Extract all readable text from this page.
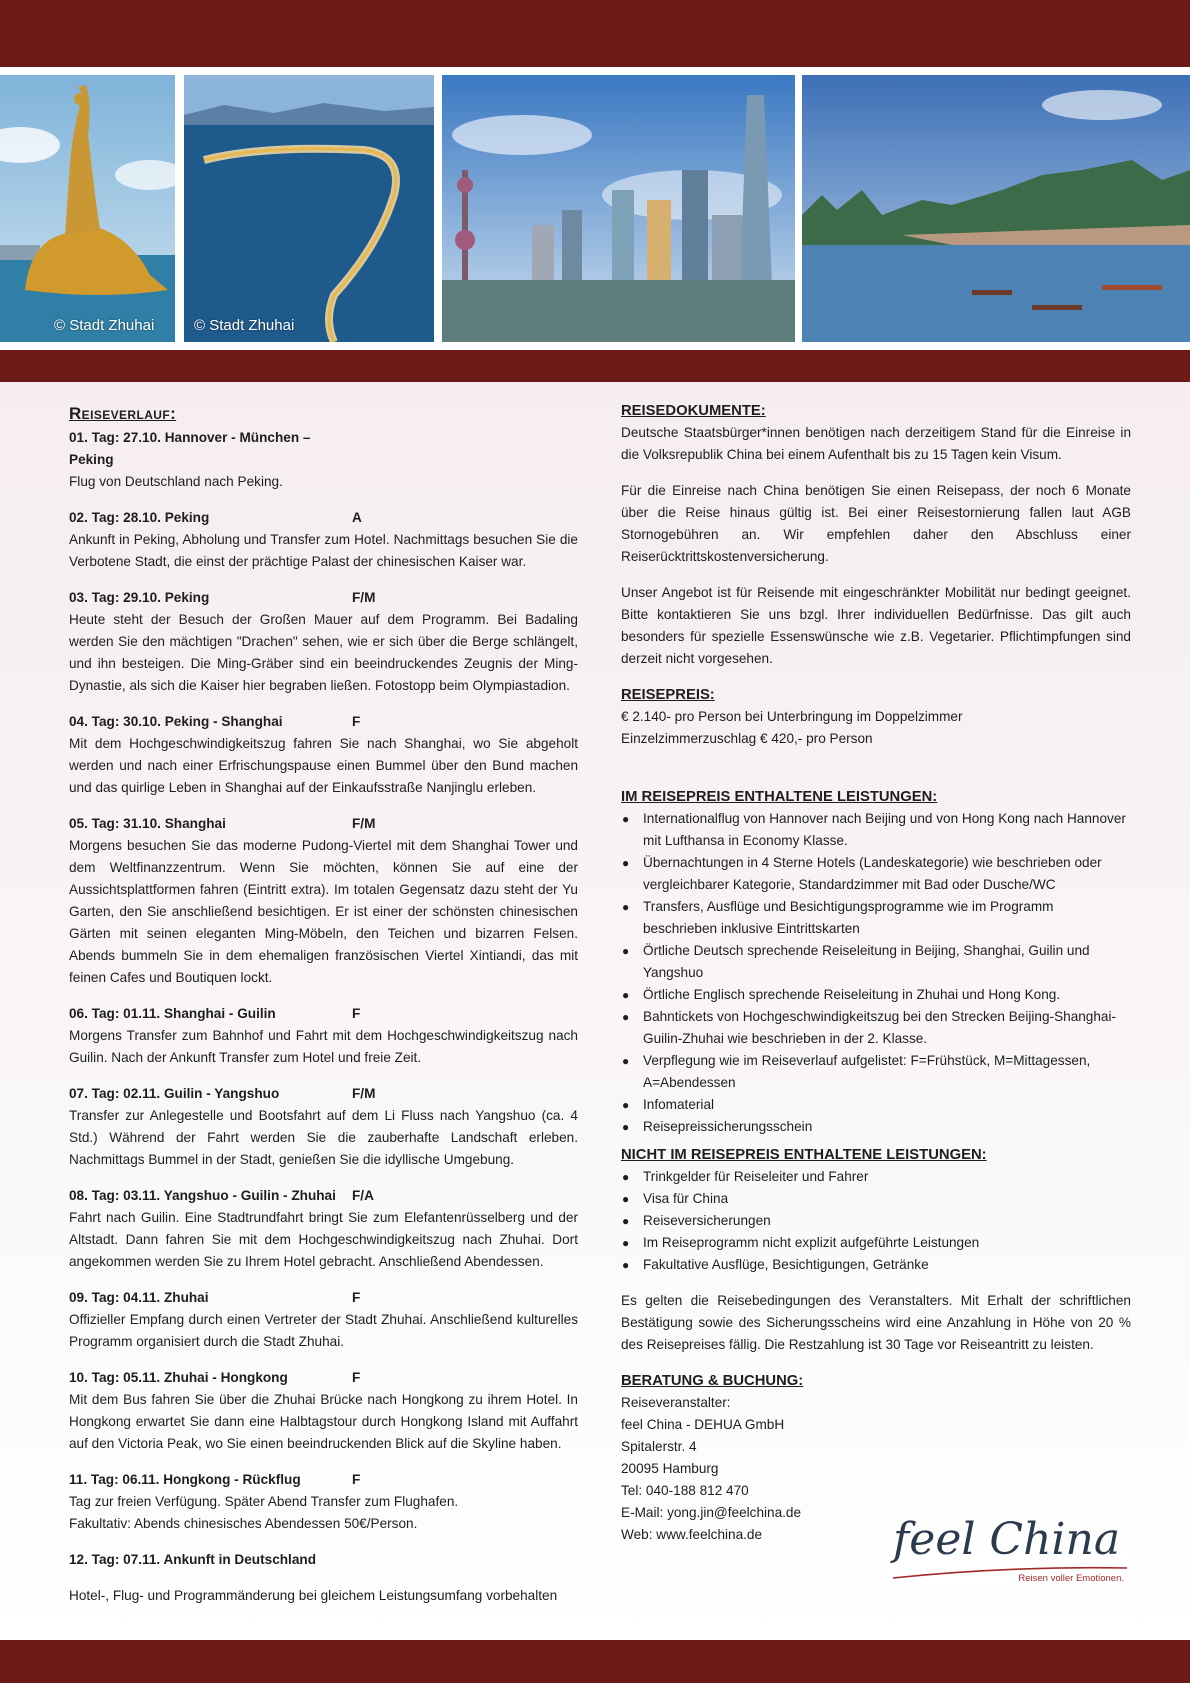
© Stadt Zhuhai	© Stadt Zhuhai
Reiseverlauf:
01. Tag: 27.10. Hannover - München – Peking

Flug von Deutschland nach Peking.

02. Tag: 28.10. Peking	A

Ankunft in Peking, Abholung und Transfer zum Hotel. Nachmittags besuchen Sie die Verbotene Stadt, die einst der prächtige Palast der chinesischen Kaiser war.

03. Tag: 29.10. Peking	F/M

Heute steht der Besuch der Großen Mauer auf dem Programm. Bei Badaling werden Sie den mächtigen "Drachen" sehen, wie er sich über die Berge schlängelt, und ihn besteigen. Die Ming-Gräber sind ein beeindruckendes Zeugnis der Ming-Dynastie, als sich die Kaiser hier begraben ließen. Fotostopp beim Olympiastadion.

04. Tag: 30.10. Peking - Shanghai	F

Mit dem Hochgeschwindigkeitszug fahren Sie nach Shanghai, wo Sie abgeholt werden und nach einer Erfrischungspause einen Bummel über den Bund machen und das quirlige Leben in Shanghai auf der Einkaufsstraße Nanjinglu erleben.

05. Tag: 31.10. Shanghai	F/M

Morgens besuchen Sie das moderne Pudong-Viertel mit dem Shanghai Tower und dem Weltfinanzzentrum. Wenn Sie möchten, können Sie auf eine der Aussichtsplattformen fahren (Eintritt extra). Im totalen Gegensatz dazu steht der Yu Garten, den Sie anschließend besichtigen. Er ist einer der schönsten chinesischen Gärten mit seinen eleganten Ming-Möbeln, den Teichen und bizarren Felsen. Abends bummeln Sie in dem ehemaligen französischen Viertel Xintiandi, das mit feinen Cafes und Boutiquen lockt.

06. Tag: 01.11. Shanghai - Guilin	F

Morgens Transfer zum Bahnhof und Fahrt mit dem Hochgeschwindigkeitszug nach Guilin. Nach der Ankunft Transfer zum Hotel und freie Zeit.

07. Tag: 02.11. Guilin - Yangshuo	F/M

Transfer zur Anlegestelle und Bootsfahrt auf dem Li Fluss nach Yangshuo (ca. 4 Std.) Während der Fahrt werden Sie die zauberhafte Landschaft erleben. Nachmittags Bummel in der Stadt, genießen Sie die idyllische Umgebung.

08. Tag: 03.11. Yangshuo - Guilin - Zhuhai	F/A

Fahrt nach Guilin. Eine Stadtrundfahrt bringt Sie zum Elefantenrüsselberg und der Altstadt. Dann fahren Sie mit dem Hochgeschwindigkeitszug nach Zhuhai. Dort angekommen werden Sie zu Ihrem Hotel gebracht. Anschließend Abendessen.

09. Tag: 04.11. Zhuhai	F

Offizieller Empfang durch einen Vertreter der Stadt Zhuhai. Anschließend kulturelles Programm organisiert durch die Stadt Zhuhai.

10. Tag: 05.11. Zhuhai - Hongkong	F

Mit dem Bus fahren Sie über die Zhuhai Brücke nach Hongkong zu ihrem Hotel. In Hongkong erwartet Sie dann eine Halbtagstour durch Hongkong Island mit Auffahrt auf den Victoria Peak, wo Sie einen beeindruckenden Blick auf die Skyline haben.

11. Tag: 06.11. Hongkong - Rückflug	F

Tag zur freien Verfügung. Später Abend Transfer zum Flughafen.
Fakultativ: Abends chinesisches Abendessen 50€/Person.

12. Tag: 07.11. Ankunft in Deutschland

Hotel-, Flug- und Programmänderung bei gleichem Leistungsumfang vorbehalten

REISEDOKUMENTE:

Deutsche Staatsbürger*innen benötigen nach derzeitigem Stand für die Einreise in die Volksrepublik China bei einem Aufenthalt bis zu 15 Tagen kein Visum.

Für die Einreise nach China benötigen Sie einen Reisepass, der noch 6 Monate über die Reise hinaus gültig ist. Bei einer Reisestornierung fallen laut AGB Stornogebühren an. Wir empfehlen daher den Abschluss einer Reiserücktrittskostenversicherung.

Unser Angebot ist für Reisende mit eingeschränkter Mobilität nur bedingt geeignet. Bitte kontaktieren Sie uns bzgl. Ihrer individuellen Bedürfnisse. Das gilt auch besonders für spezielle Essenswünsche wie z.B. Vegetarier. Pflichtimpfungen sind derzeit nicht vorgesehen.

REISEPREIS:

€ 2.140- pro Person bei Unterbringung im Doppelzimmer

Einzelzimmerzuschlag € 420,- pro Person

IM REISEPREIS ENTHALTENE LEISTUNGEN:
● Internationalflug von Hannover nach Beijing und von Hong Kong nach Hannover mit Lufthansa in Economy Klasse.
● Übernachtungen in 4 Sterne Hotels (Landeskategorie) wie beschrieben oder vergleichbarer Kategorie, Standardzimmer mit Bad oder Dusche/WC
● Transfers, Ausflüge und Besichtigungsprogramme wie im Programm beschrieben inklusive Eintrittskarten
● Örtliche Deutsch sprechende Reiseleitung in Beijing, Shanghai, Guilin und Yangshuo
● Örtliche Englisch sprechende Reiseleitung in Zhuhai und Hong Kong.
● Bahntickets von Hochgeschwindigkeitszug bei den Strecken Beijing-Shanghai-Guilin-Zhuhai wie beschrieben in der 2. Klasse.
● Verpflegung wie im Reiseverlauf aufgelistet: F=Frühstück, M=Mittagessen, A=Abendessen
● Infomaterial
● Reisepreissicherungsschein
NICHT IM REISEPREIS ENTHALTENE LEISTUNGEN:
● Trinkgelder für Reiseleiter und Fahrer
● Visa für China
● Reiseversicherungen
● Im Reiseprogramm nicht explizit aufgeführte Leistungen
● Fakultative Ausflüge, Besichtigungen, Getränke

Es gelten die Reisebedingungen des Veranstalters. Mit Erhalt der schriftlichen Bestätigung sowie des Sicherungsscheins wird eine Anzahlung in Höhe von 20 % des Reisepreises fällig. Die Restzahlung ist 30 Tage vor Reiseantritt zu leisten.

BERATUNG & BUCHUNG:

Reiseveranstalter:

feel China - DEHUA GmbH

Spitalerstr. 4

20095 Hamburg

Tel: 040-188 812 470

E-Mail: yong.jin@feelchina.de

Web: www.feelchina.de	feel China
Reisen voller Emotionen.
